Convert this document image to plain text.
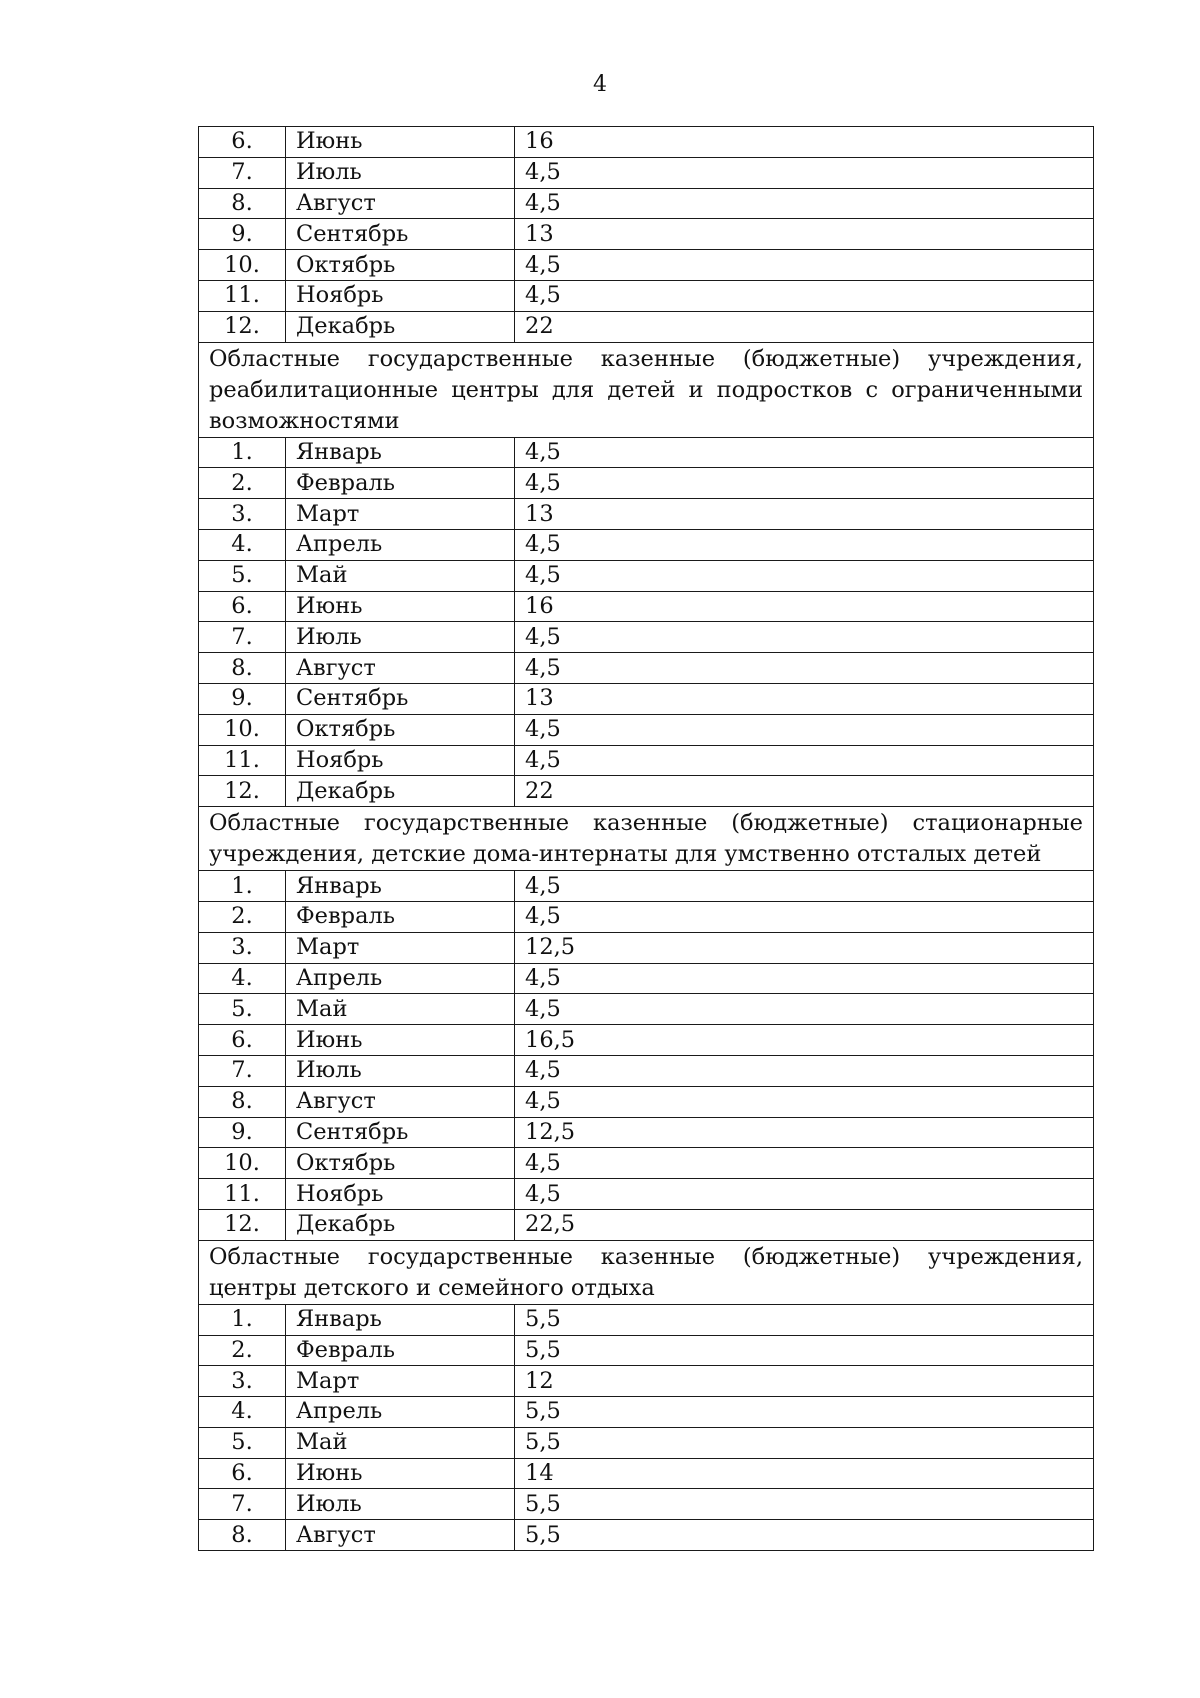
4
6.	Июнь	16
7.	Июль	4,5
8.	Август	4,5
9.	Сентябрь	13
10.	Октябрь	4,5
11.	Ноябрь	4,5
12.	Декабрь	22
Областные государственные казенные (бюджетные) учреждения, реабилитационные центры для детей и подростков с ограниченными возможностями		
1.	Январь	4,5
2.	Февраль	4,5
3.	Март	13
4.	Апрель	4,5
5.	Май	4,5
6.	Июнь	16
7.	Июль	4,5
8.	Август	4,5
9.	Сентябрь	13
10.	Октябрь	4,5
11.	Ноябрь	4,5
12.	Декабрь	22
Областные государственные казенные (бюджетные) стационарные учреждения, детские дома-интернаты для умственно отсталых детей		
1.	Январь	4,5
2.	Февраль	4,5
3.	Март	12,5
4.	Апрель	4,5
5.	Май	4,5
6.	Июнь	16,5
7.	Июль	4,5
8.	Август	4,5
9.	Сентябрь	12,5
10.	Октябрь	4,5
11.	Ноябрь	4,5
12.	Декабрь	22,5
Областные государственные казенные (бюджетные) учреждения, центры детского и семейного отдыха		
1.	Январь	5,5
2.	Февраль	5,5
3.	Март	12
4.	Апрель	5,5
5.	Май	5,5
6.	Июнь	14
7.	Июль	5,5
8.	Август	5,5
